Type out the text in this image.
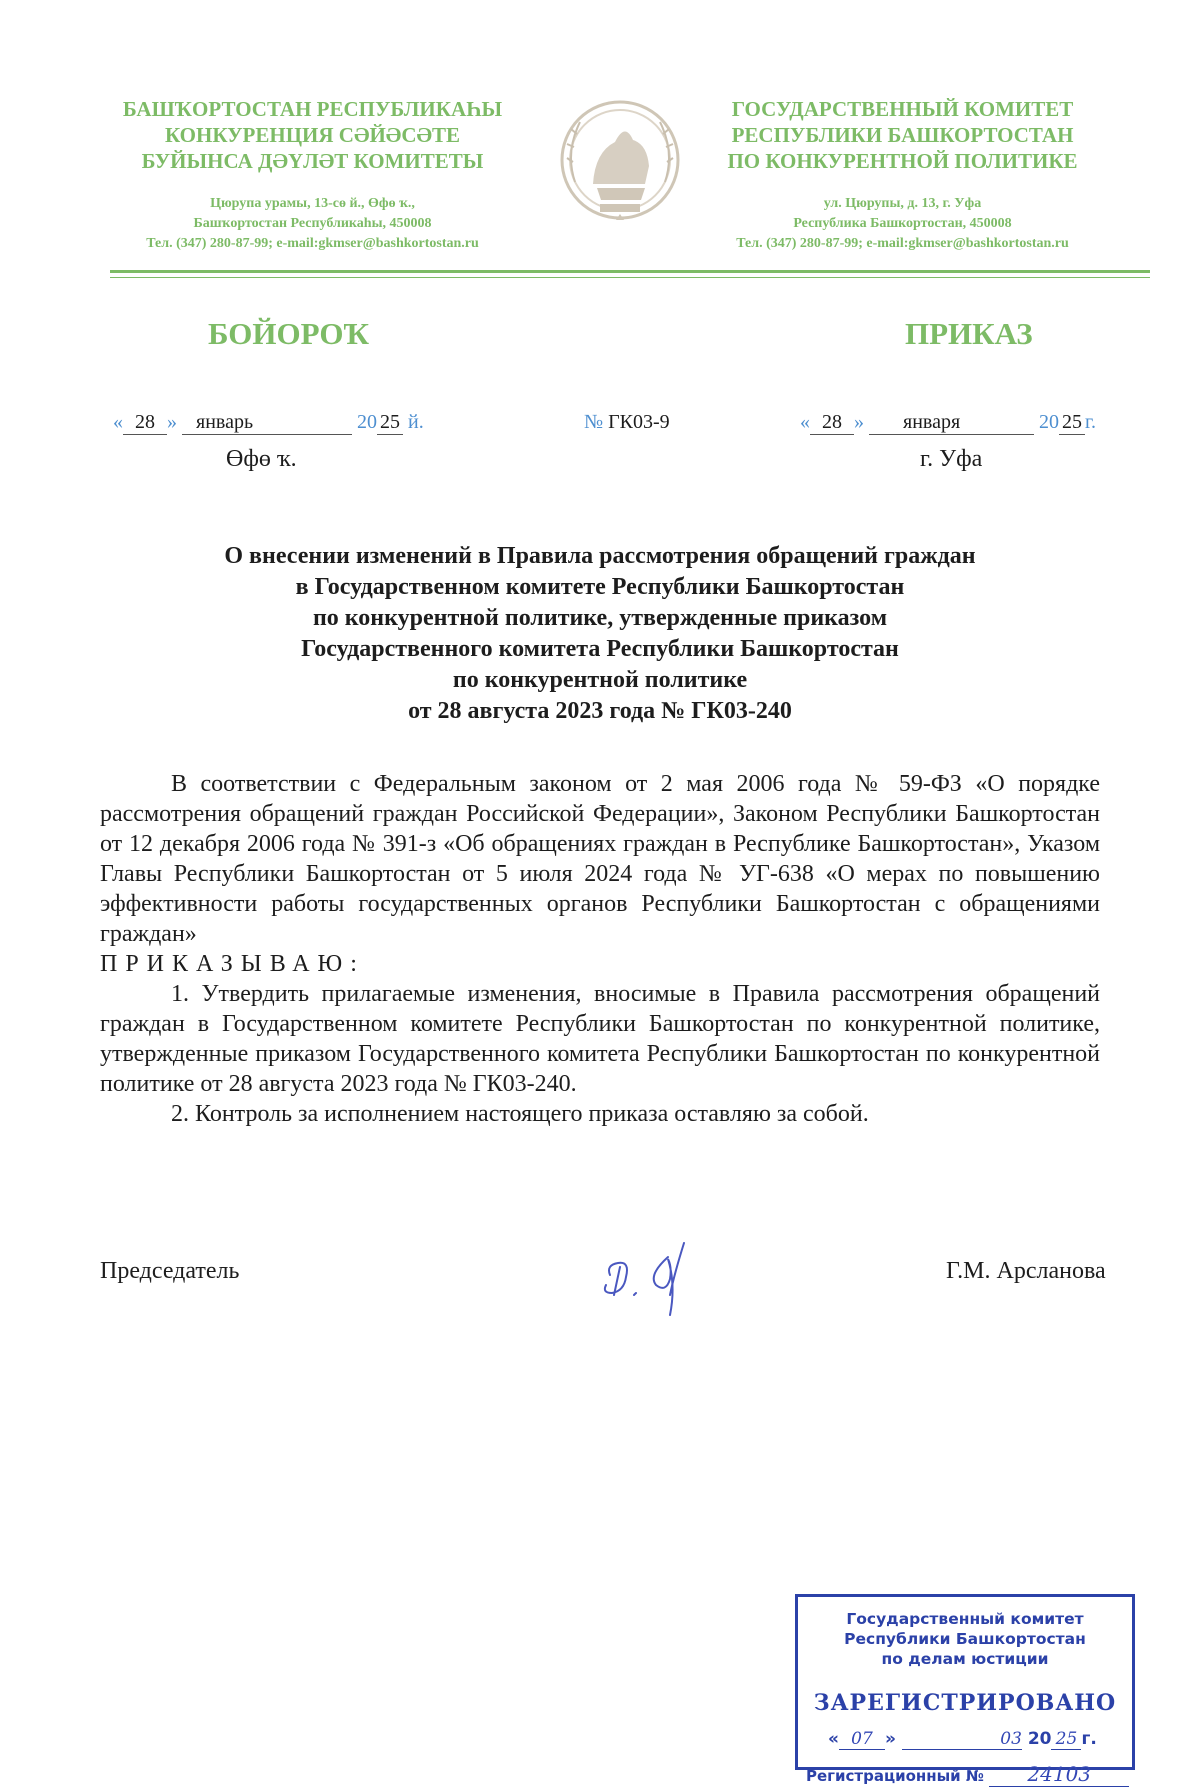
БАШҠОРТОСТАН РЕСПУБЛИКАҺЫ
КОНКУРЕНЦИЯ СӘЙӘСӘТЕ
БУЙЫНСА ДӘҮЛӘТ КОМИТЕТЫ
Цюрупа урамы, 13-сө й., Өфө ҡ.,
Башҡортостан Республикаһы, 450008
Тел. (347) 280-87-99; e-mail:gkmser@bashkortostan.ru
ГОСУДАРСТВЕННЫЙ КОМИТЕТ
РЕСПУБЛИКИ БАШКОРТОСТАН
ПО КОНКУРЕНТНОЙ ПОЛИТИКЕ
ул. Цюрупы, д. 13, г. Уфа
Республика Башкортостан, 450008
Тел. (347) 280-87-99; e-mail:gkmser@bashkortostan.ru
БОЙОРОҠ	ПРИКАЗ
« 28 » январь	20 25 й.	№ ГК03-9	« 28 » января	20 25 г.
Өфө ҡ.	г. Уфа
О внесении изменений в Правила рассмотрения обращений граждан
в Государственном комитете Республики Башкортостан
по конкурентной политике, утвержденные приказом
Государственного комитета Республики Башкортостан
по конкурентной политике
от 28 августа 2023 года № ГК03-240

В соответствии с Федеральным законом от 2 мая 2006 года № 59-ФЗ «О порядке рассмотрения обращений граждан Российской Федерации», Законом Республики Башкортостан от 12 декабря 2006 года № 391-з «Об обращениях граждан в Республике Башкортостан», Указом Главы Республики Башкортостан от 5 июля 2024 года № УГ-638 «О мерах по повышению эффективности работы государственных органов Республики Башкортостан с обращениями граждан»

ПРИКАЗЫВАЮ:

1. Утвердить прилагаемые изменения, вносимые в Правила рассмотрения обращений граждан в Государственном комитете Республики Башкортостан по конкурентной политике, утвержденные приказом Государственного комитета Республики Башкортостан по конкурентной политике от 28 августа 2023 года № ГК03-240.

2. Контроль за исполнением настоящего приказа оставляю за собой.

Председатель	Г.М. Арсланова
Государственный комитет
Республики Башкортостан
по делам юстиции
ЗАРЕГИСТРИРОВАНО
« 07 »	03 20 25 г.
Регистрационный № 24103
